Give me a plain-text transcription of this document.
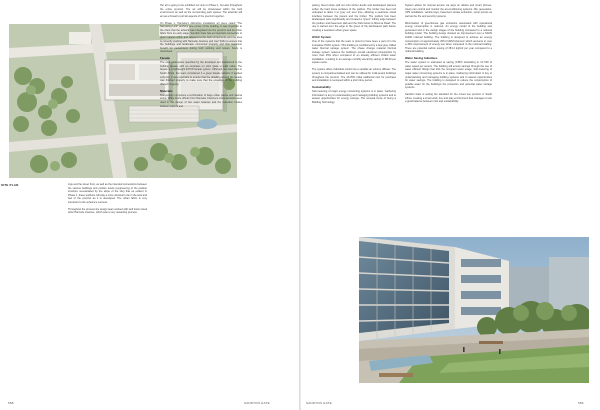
SITE PLAN	ings and the street front, as well as the intended connections between the various buildings and podium levels (engineering of the podium structure necessitated by the slope of the site) that as evident in Phase 1, these podiums will play a more dominant role in the look and feel of the precinct as it is developed. The urban fabric is very important to the scheme's success.
Throughout the process the design team worked with well know visual artist Hannelie Coetzee, which was a very rewarding process.
Her art is going to be exhibited not only on Phase 1, but also throughout the entire precinct. The art will be showcased within the built environment as well as the surrounding park spaces. The artworks will act as a thread to pull all aspects of the precinct together.
On Phase 1, Hannelie's distinctive installation art piece called "The Narrowing Link" anchors one corner of the building. It was important to the client that the artwork was integrated into the precinct and its urban fabric from an early stage. Sandton Gate has an important connection to green spaces within and adjacent to the built components and the area is currently working with Hannelie Coetzee and Joel Trollo to ensure that the buildings and landscape connected properly and that maximum benefit for pedestrians during both working and leisure hours is maximised.
Facade
The coal parameters specified by the developer are transferred to the building facade, with an emphasis on strict glass to solid ratios. The facade is a lightweight ETICS facade system. Although not used often in South Africa, the team considered it a great facade solution if applied correctly. It was important to ensure that the detailing around the facade was finished properly to make sure that the envelope of the building offered longevity.
Materials
The podium comprises a combination of large urban pieces and natural stone. White stone offcuts from Hannelie Coetzee's stone artworks were used in the design of two water features and the transition bodies between pavers and
588	SANDTON GATE
paving. Reed strips spill out onto timber decks and landscaped planters soften the hard stone surfaces of the podium. The timber has been left untreated to allow it to 'grey out' over time, allowing a seamless visual interface between the pavers and the timber. The podium has been landscaped quite significantly and created a "green" infinity edge between the podium and basement slab and the links below to Minerva Road. The use is carried over the edge to the green of the landscaped park below, creating a seamless urban green space.
HVAC System
One of the systems that the team is proud to have been a part of is the innovative HVAC system. This building is conditioned by a four-pipe chilled water thermal storage system. The phase change material thermal storage system reduces the building's overall electrical consumption by more than 25% when compared to an already efficient chilled water installation, resulting in an average monthly electricity saving of R8.40 per square metre.
The system offers individual control via a variable air volume diffuser. The system is compartmentalised and can be utilised for multi-tenant buildings throughout the precinct. The 23-25% initial additional cost for purchase and installation is recouped within a short time period.
Sustainability
Sub-metering of major energy consuming systems is in place. Gathering information is key to understanding and managing building systems and to assess opportunities for energy savings. The renewal focus of being a Building Technology
System allows for internal access via apps on tablets and smart phones. Users can control and monitor the air-conditioning systems, lifts, generators, UPS installation, vehicle bays, basement smoke extraction, sump pumps as well as the fire and security systems.
Minimisation of greenhouse gas emissions associated with operational energy consumption is reduced. An energy model of the building was generated and in the design stages of the building compared to a notional building model. The building design showed an improvement over a SANS 10400 notional building. The building is designed to achieve an energy consumption of approximately 206.3 kWh/m²/annum which amounts to over a 40% improvement of energy use when compared to the notional building. There are potential carbon saving of 281.4 kgCo2 per year compared to a notional building.
Water Saving Initiatives
The water system is estimated at saving (135% translating to 12,740l of water saved per annum. The building will ensure savings through the use of water efficient fittings that limit the occupant water usage. Sub-metering of major water consuming systems is in place. Gathering information is key to understanding and managing building systems and to assess opportunities for water savings. The building is designed to reduce the consumption of potable water for the building's fire protection and potential water storage systems.
Sandton Gate is setting the standard for the mixed use precinct in South Africa, creating a smart work, live and play environment that manages to win a good balance between cost and sustainability.
SANDTON GATE	589
